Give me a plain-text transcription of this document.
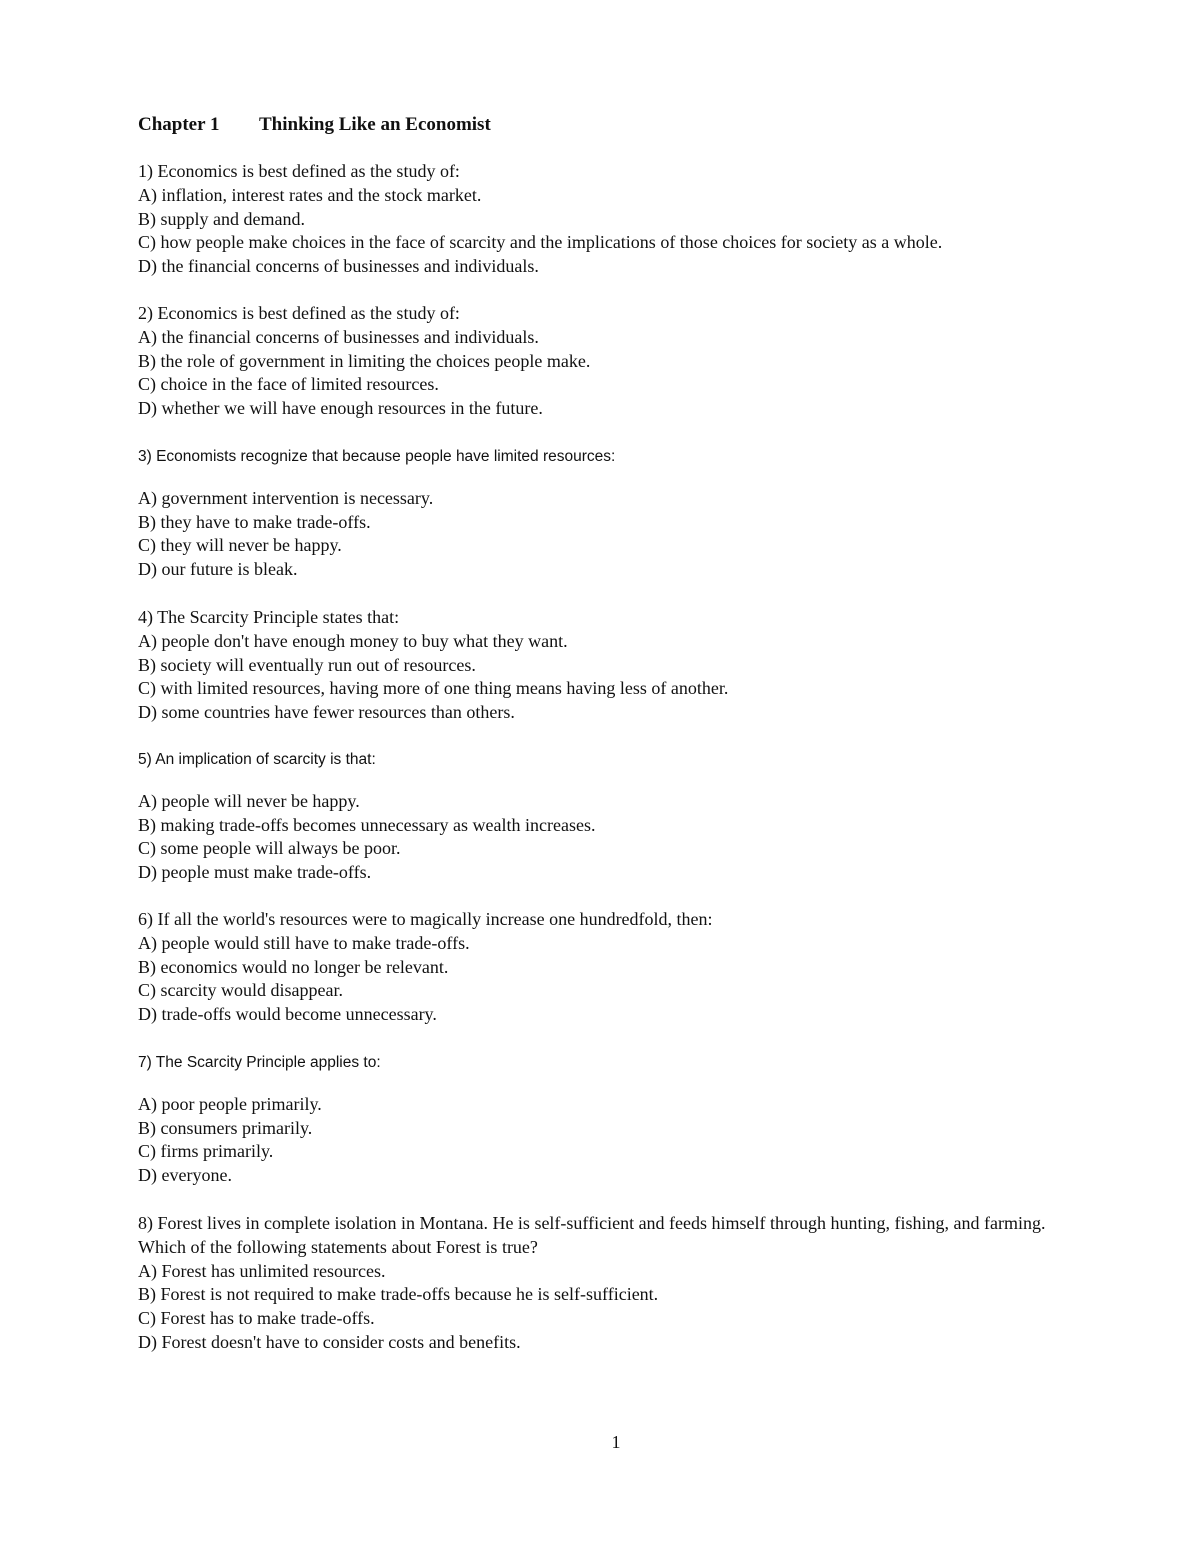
Chapter 1 Thinking Like an Economist
1) Economics is best defined as the study of:
A) inflation, interest rates and the stock market.
B) supply and demand.
C) how people make choices in the face of scarcity and the implications of those choices for society as a whole.
D) the financial concerns of businesses and individuals.
2) Economics is best defined as the study of:
A) the financial concerns of businesses and individuals.
B) the role of government in limiting the choices people make.
C) choice in the face of limited resources.
D) whether we will have enough resources in the future.
3) Economists recognize that because people have limited resources:
A) government intervention is necessary.
B) they have to make trade-offs.
C) they will never be happy.
D) our future is bleak.
4) The Scarcity Principle states that:
A) people don't have enough money to buy what they want.
B) society will eventually run out of resources.
C) with limited resources, having more of one thing means having less of another.
D) some countries have fewer resources than others.
5) An implication of scarcity is that:
A) people will never be happy.
B) making trade-offs becomes unnecessary as wealth increases.
C) some people will always be poor.
D) people must make trade-offs.
6) If all the world's resources were to magically increase one hundredfold, then:
A) people would still have to make trade-offs.
B) economics would no longer be relevant.
C) scarcity would disappear.
D) trade-offs would become unnecessary.
7) The Scarcity Principle applies to:
A) poor people primarily.
B) consumers primarily.
C) firms primarily.
D) everyone.
8) Forest lives in complete isolation in Montana. He is self-sufficient and feeds himself through hunting, fishing, and farming. Which of the following statements about Forest is true?
A) Forest has unlimited resources.
B) Forest is not required to make trade-offs because he is self-sufficient.
C) Forest has to make trade-offs.
D) Forest doesn't have to consider costs and benefits.
1
